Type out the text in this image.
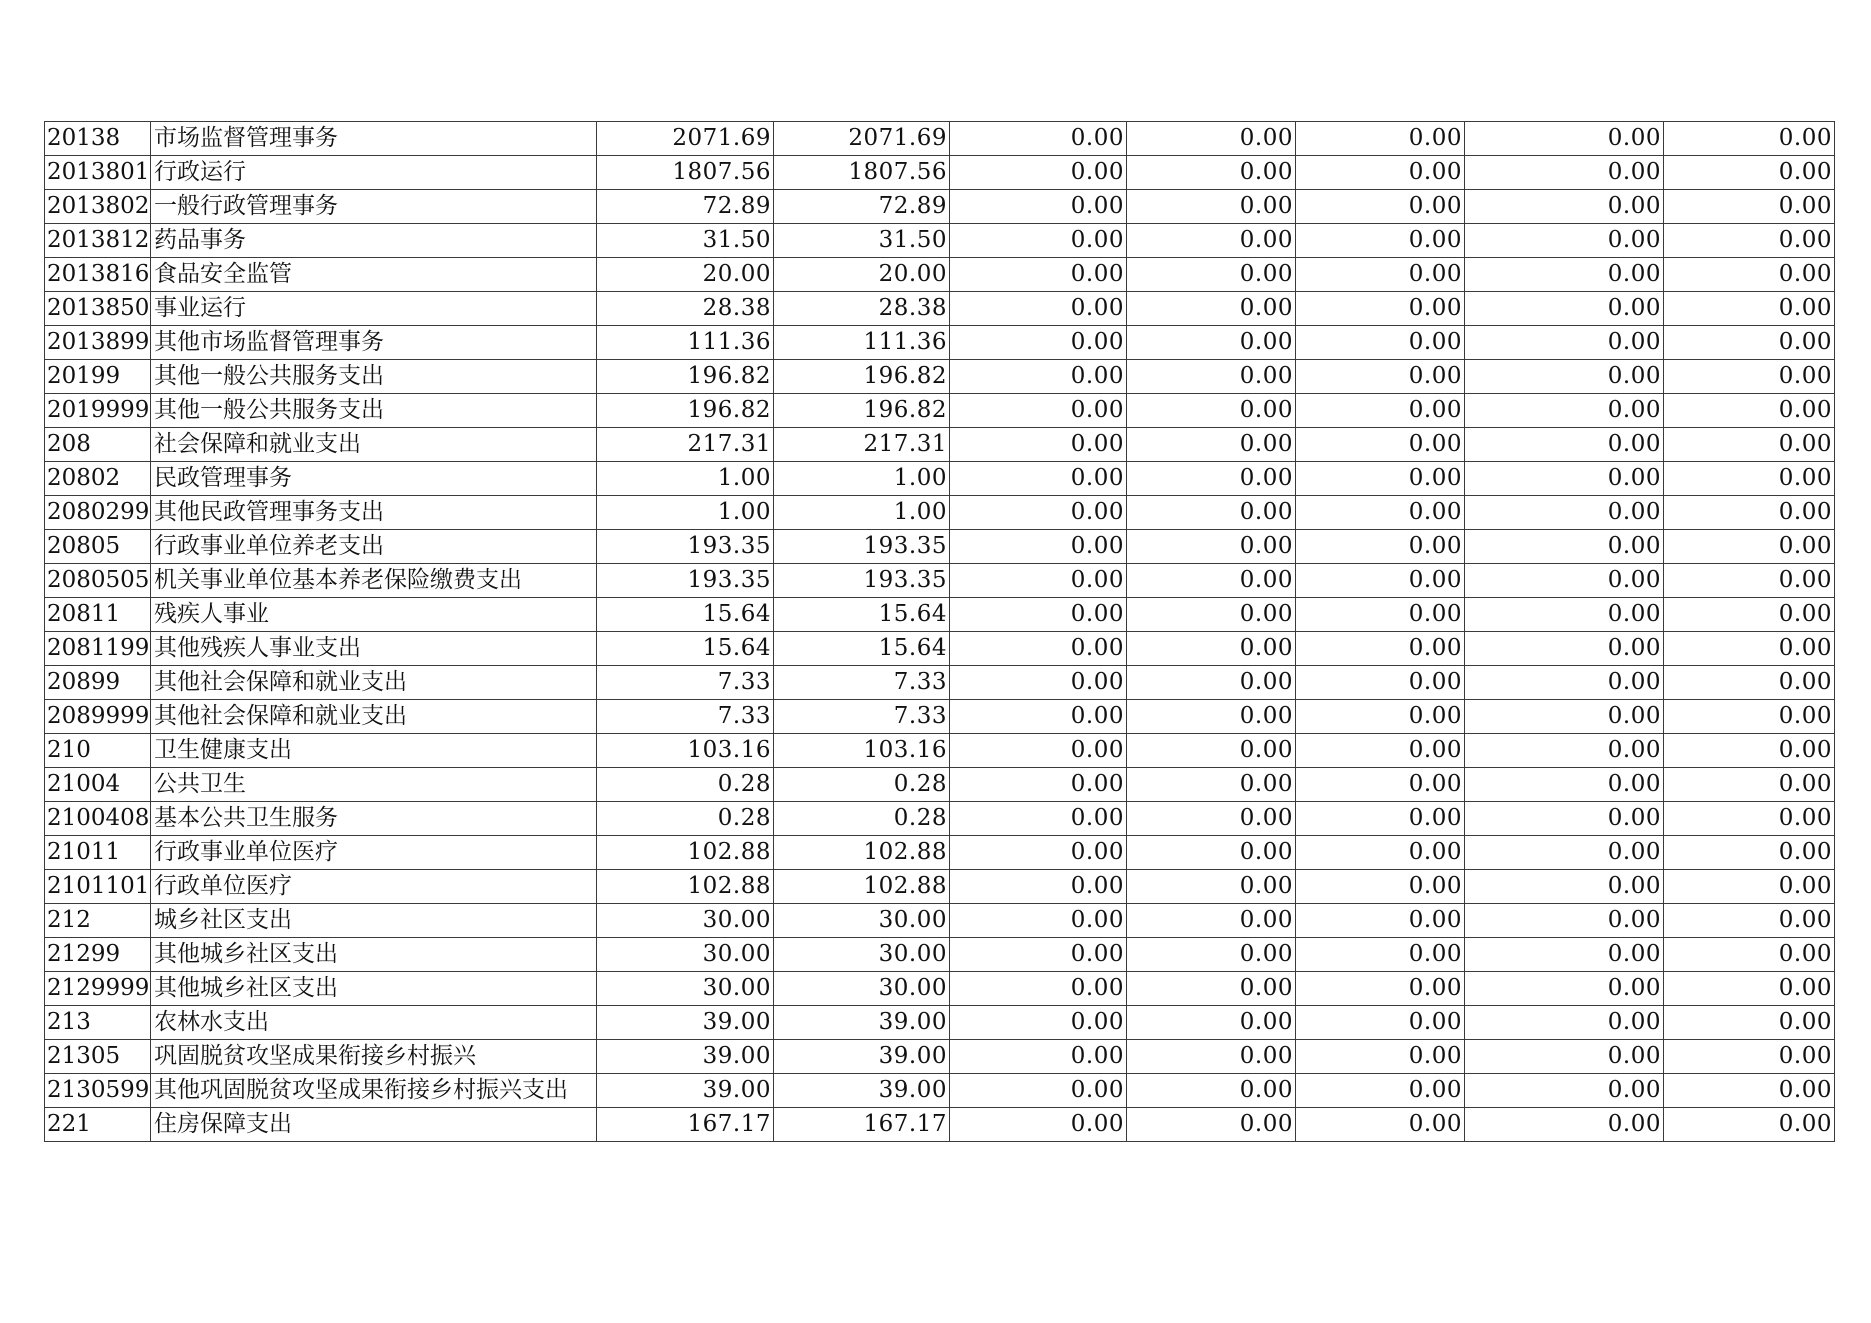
20138	市场监督管理事务	2071.69	2071.69	0.00	0.00	0.00	0.00	0.00
2013801	行政运行	1807.56	1807.56	0.00	0.00	0.00	0.00	0.00
2013802	一般行政管理事务	72.89	72.89	0.00	0.00	0.00	0.00	0.00
2013812	药品事务	31.50	31.50	0.00	0.00	0.00	0.00	0.00
2013816	食品安全监管	20.00	20.00	0.00	0.00	0.00	0.00	0.00
2013850	事业运行	28.38	28.38	0.00	0.00	0.00	0.00	0.00
2013899	其他市场监督管理事务	111.36	111.36	0.00	0.00	0.00	0.00	0.00
20199	其他一般公共服务支出	196.82	196.82	0.00	0.00	0.00	0.00	0.00
2019999	其他一般公共服务支出	196.82	196.82	0.00	0.00	0.00	0.00	0.00
208	社会保障和就业支出	217.31	217.31	0.00	0.00	0.00	0.00	0.00
20802	民政管理事务	1.00	1.00	0.00	0.00	0.00	0.00	0.00
2080299	其他民政管理事务支出	1.00	1.00	0.00	0.00	0.00	0.00	0.00
20805	行政事业单位养老支出	193.35	193.35	0.00	0.00	0.00	0.00	0.00
2080505	机关事业单位基本养老保险缴费支出	193.35	193.35	0.00	0.00	0.00	0.00	0.00
20811	残疾人事业	15.64	15.64	0.00	0.00	0.00	0.00	0.00
2081199	其他残疾人事业支出	15.64	15.64	0.00	0.00	0.00	0.00	0.00
20899	其他社会保障和就业支出	7.33	7.33	0.00	0.00	0.00	0.00	0.00
2089999	其他社会保障和就业支出	7.33	7.33	0.00	0.00	0.00	0.00	0.00
210	卫生健康支出	103.16	103.16	0.00	0.00	0.00	0.00	0.00
21004	公共卫生	0.28	0.28	0.00	0.00	0.00	0.00	0.00
2100408	基本公共卫生服务	0.28	0.28	0.00	0.00	0.00	0.00	0.00
21011	行政事业单位医疗	102.88	102.88	0.00	0.00	0.00	0.00	0.00
2101101	行政单位医疗	102.88	102.88	0.00	0.00	0.00	0.00	0.00
212	城乡社区支出	30.00	30.00	0.00	0.00	0.00	0.00	0.00
21299	其他城乡社区支出	30.00	30.00	0.00	0.00	0.00	0.00	0.00
2129999	其他城乡社区支出	30.00	30.00	0.00	0.00	0.00	0.00	0.00
213	农林水支出	39.00	39.00	0.00	0.00	0.00	0.00	0.00
21305	巩固脱贫攻坚成果衔接乡村振兴	39.00	39.00	0.00	0.00	0.00	0.00	0.00
2130599	其他巩固脱贫攻坚成果衔接乡村振兴支出	39.00	39.00	0.00	0.00	0.00	0.00	0.00
221	住房保障支出	167.17	167.17	0.00	0.00	0.00	0.00	0.00
